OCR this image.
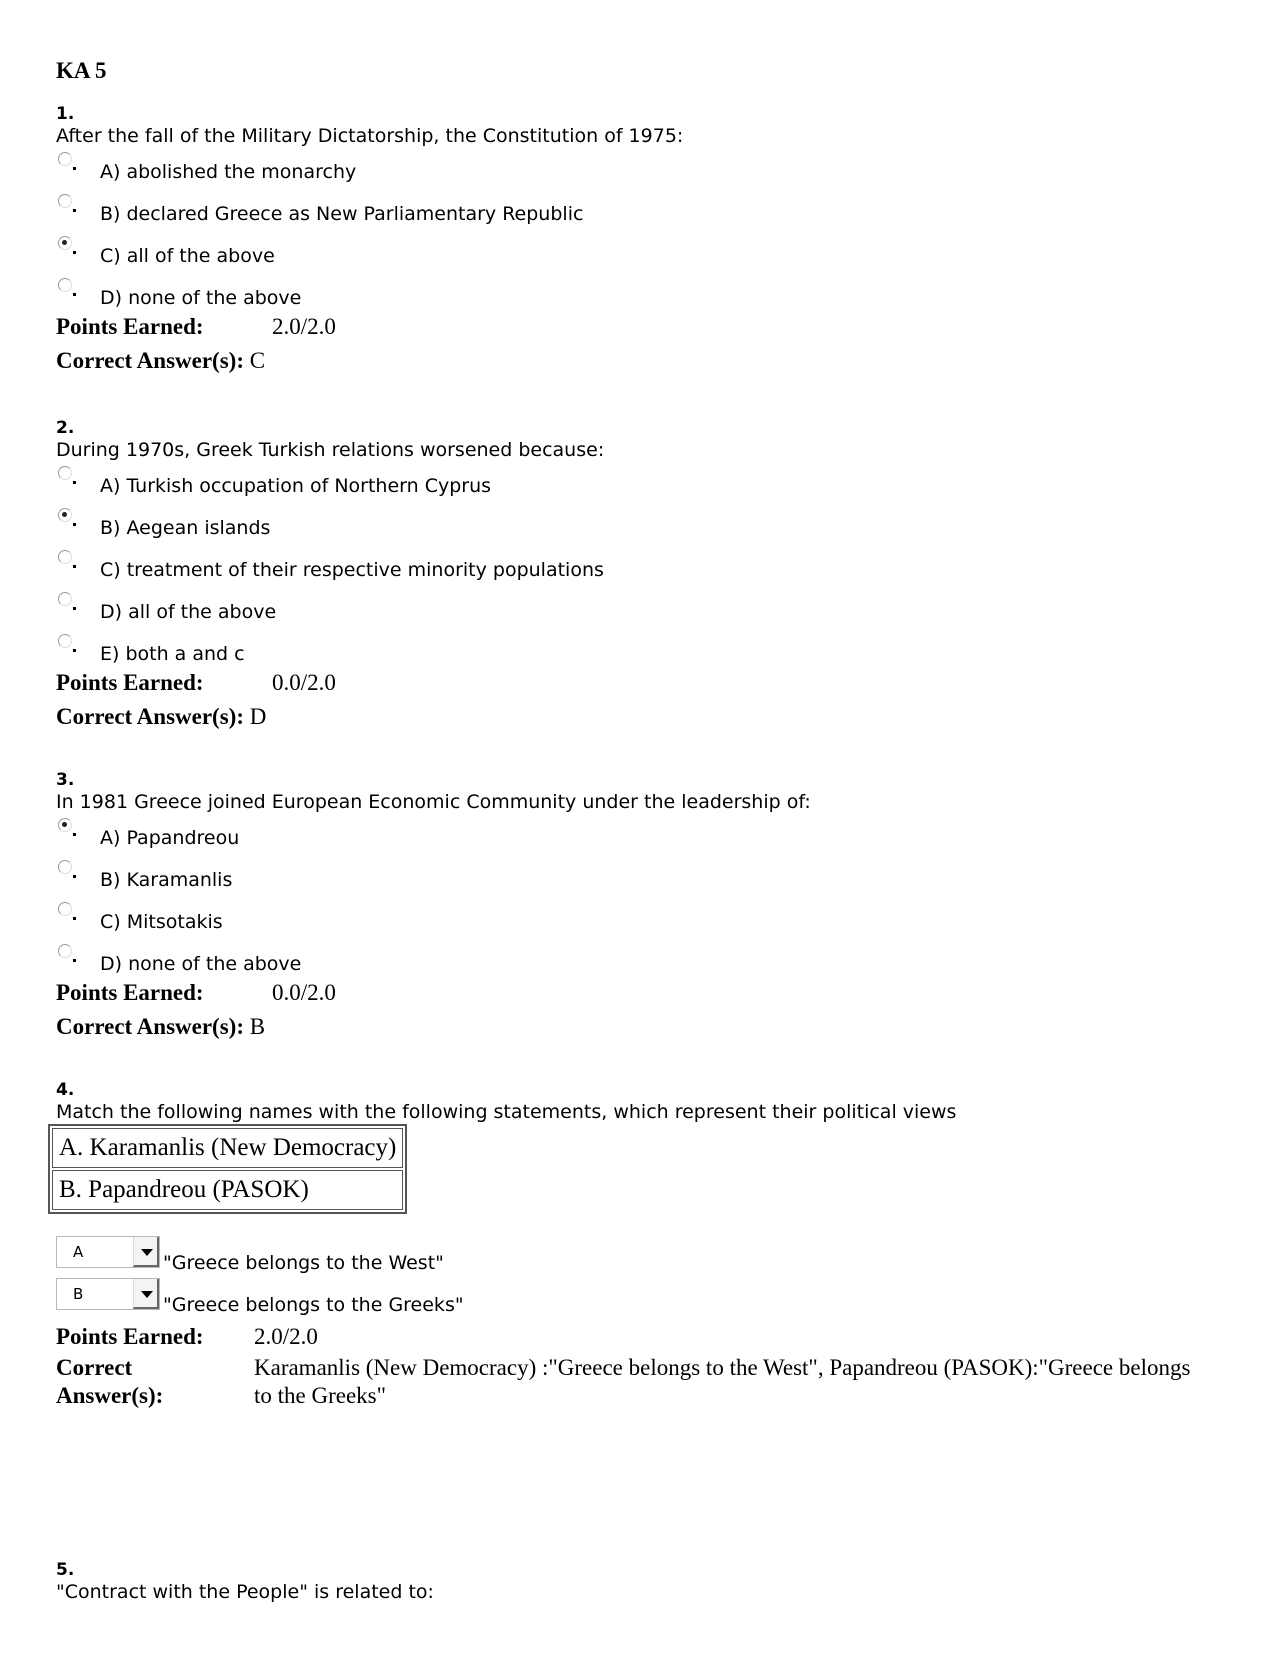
KA 5
1.
After the fall of the Military Dictatorship, the Constitution of 1975:
A) abolished the monarchy
B) declared Greece as New Parliamentary Republic
C) all of the above
D) none of the above
Points Earned:	2.0/2.0
Correct Answer(s): C
2.
During 1970s, Greek Turkish relations worsened because:
A) Turkish occupation of Northern Cyprus
B) Aegean islands
C) treatment of their respective minority populations
D) all of the above
E) both a and c
Points Earned:	0.0/2.0
Correct Answer(s): D
3.
In 1981 Greece joined European Economic Community under the leadership of:
A) Papandreou
B) Karamanlis
C) Mitsotakis
D) none of the above
Points Earned:	0.0/2.0
Correct Answer(s): B
4.
Match the following names with the following statements, which represent their political views
A. Karamanlis (New Democracy)
B. Papandreou (PASOK)
A	"Greece belongs to the West"
B	"Greece belongs to the Greeks"
Points Earned: 2.0/2.0
Correct
Answer(s):
Karamanlis (New Democracy) :"Greece belongs to the West", Papandreou (PASOK):"Greece belongs to the Greeks"
5.
"Contract with the People" is related to:
